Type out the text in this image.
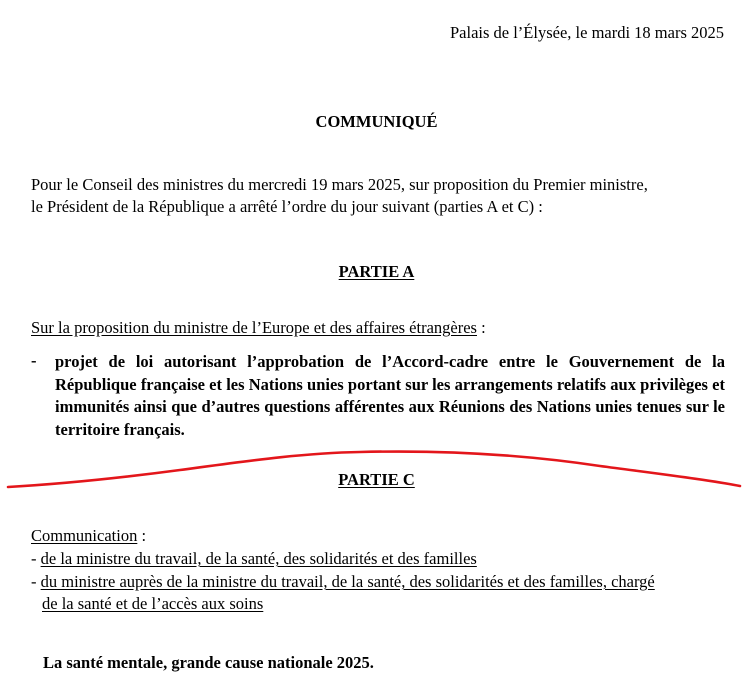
Palais de l’Élysée, le mardi 18 mars 2025
COMMUNIQUÉ
Pour le Conseil des ministres du mercredi 19 mars 2025, sur proposition du Premier ministre,
le Président de la République a arrêté l’ordre du jour suivant (parties A et C) :
PARTIE A
Sur la proposition du ministre de l’Europe et des affaires étrangères :
- projet de loi autorisant l’approbation de l’Accord-cadre entre le Gouvernement de la République française et les Nations unies portant sur les arrangements relatifs aux privilèges et immunités ainsi que d’autres questions afférentes aux Réunions des Nations unies tenues sur le territoire français.
PARTIE C
Communication :
- de la ministre du travail, de la santé, des solidarités et des familles
- du ministre auprès de la ministre du travail, de la santé, des solidarités et des familles, chargé
de la santé et de l’accès aux soins
La santé mentale, grande cause nationale 2025.
